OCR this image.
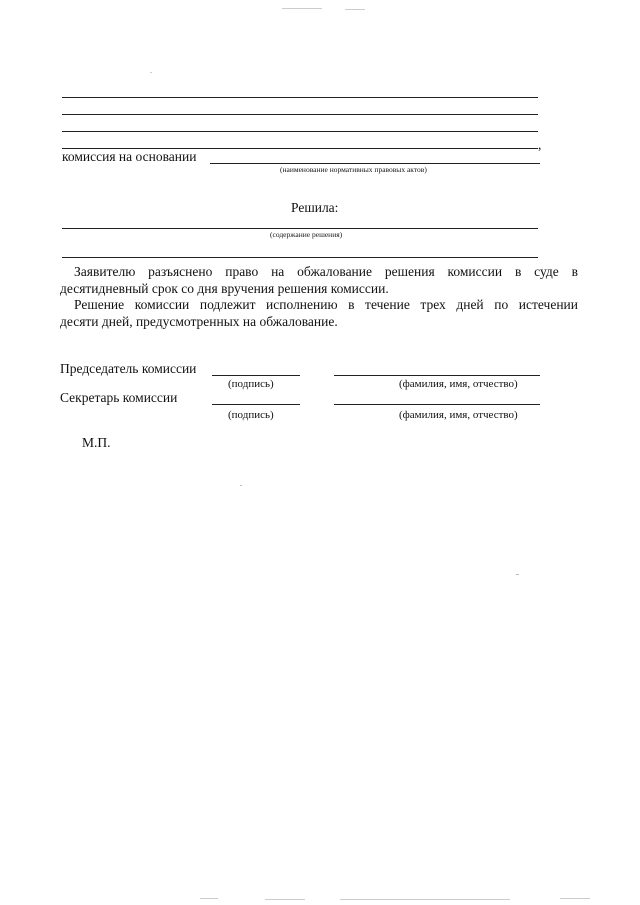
,
комиссия на основании
(наименование нормативных правовых актов)
Решила:
(содержание решения)
Заявителю разъяснено право на обжалование решения комиссии в суде в
десятидневный срок со дня вручения решения комиссии.
Решение комиссии подлежит исполнению в течение трех дней по истечении
десяти дней, предусмотренных на обжалование.
Председатель комиссии
(подпись)	(фамилия, имя, отчество)
Секретарь комиссии
(подпись)	(фамилия, имя, отчество)
М.П.
